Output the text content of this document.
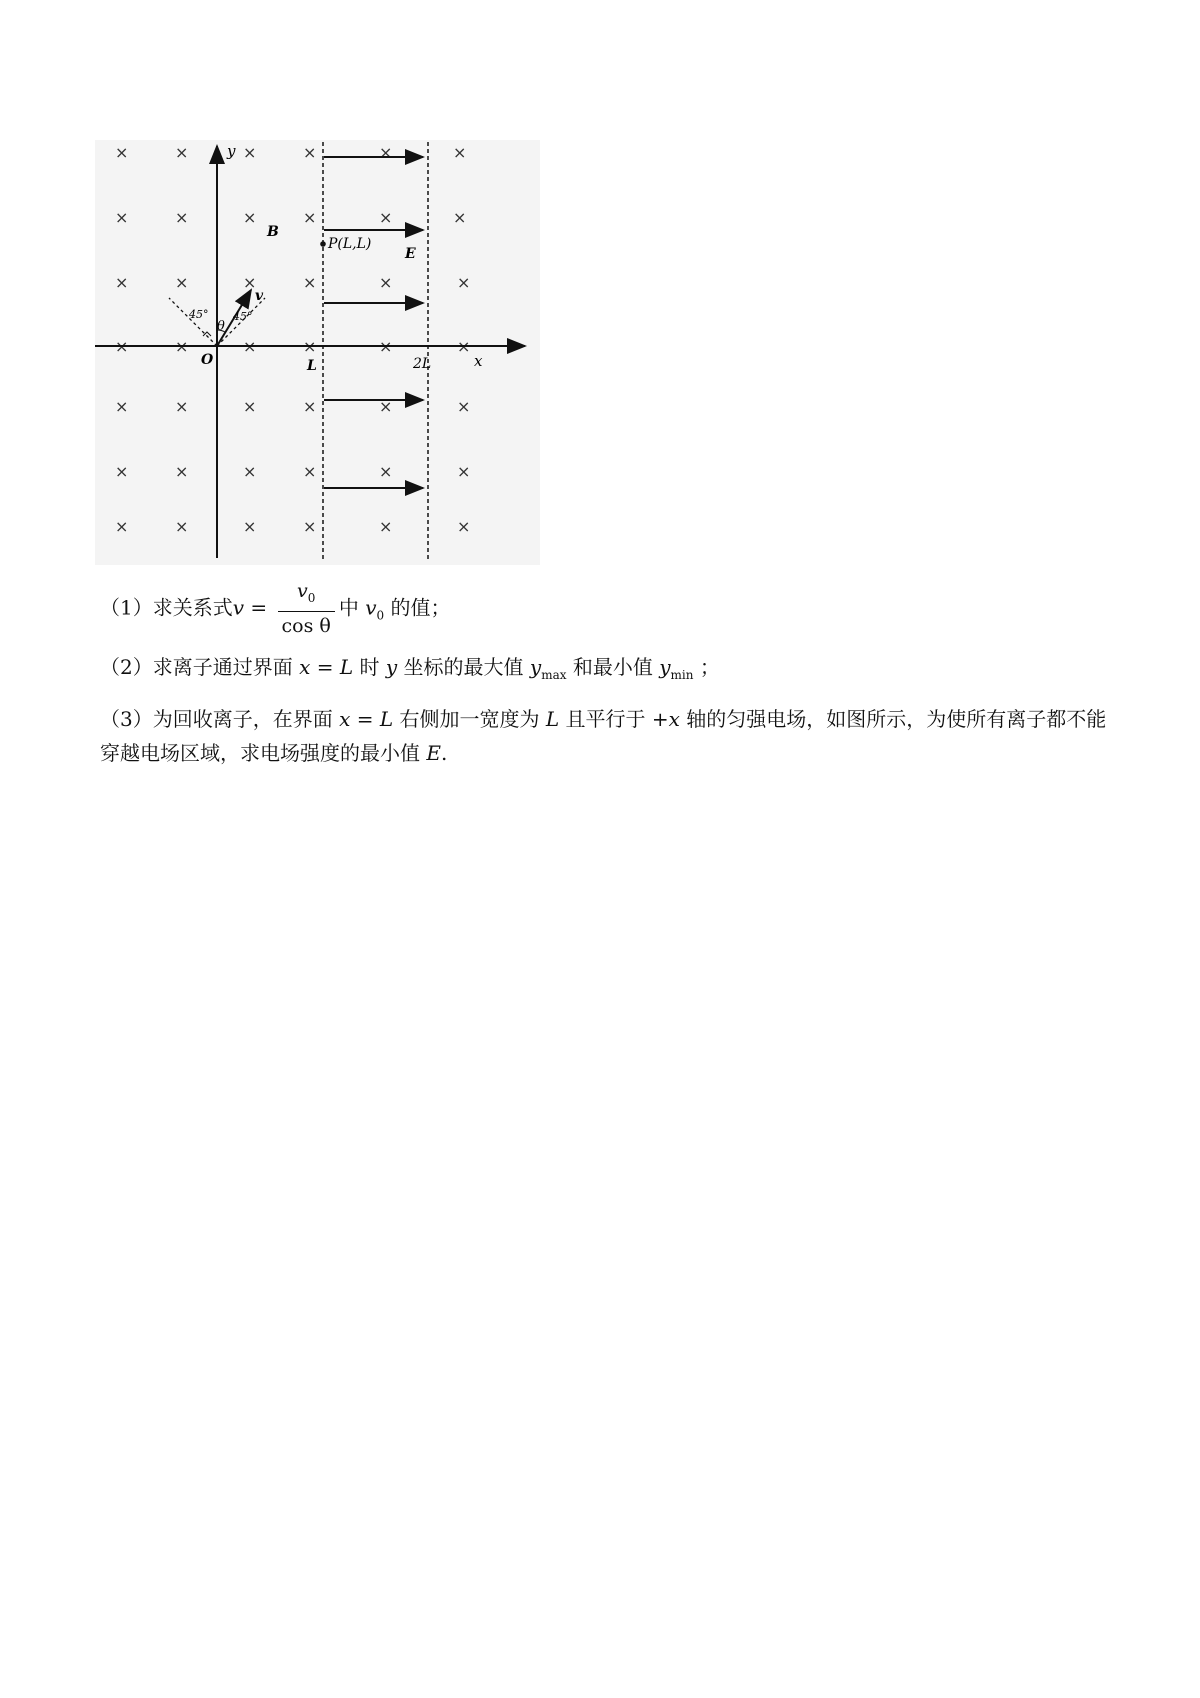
×	×	×	×	×	×
×	×	×	×	×	×
×	×	×	×	×	×
×	×	×	×	×	×
×	×	×	×	×	×
×	×	×	×	×	×
×	×	×	×	×	×
y
x
O
B
P(L,L)
E
v
θ
45° 45°
L	2L
（1）求关系式$v = \frac{v_0}{\text{cos θ}}$ 中 $v_0$ 的值；
（2）求离子通过界面 x = L 时 y 坐标的最大值 $y_{max}$ 和最小值 $y_{min}$ ；
（3）为回收离子，在界面 x = L 右侧加一宽度为 L 且平行于 +x 轴的匀强电场，如图所示，为使所有离子都不能穿越电场区域，求电场强度的最小值 E.
